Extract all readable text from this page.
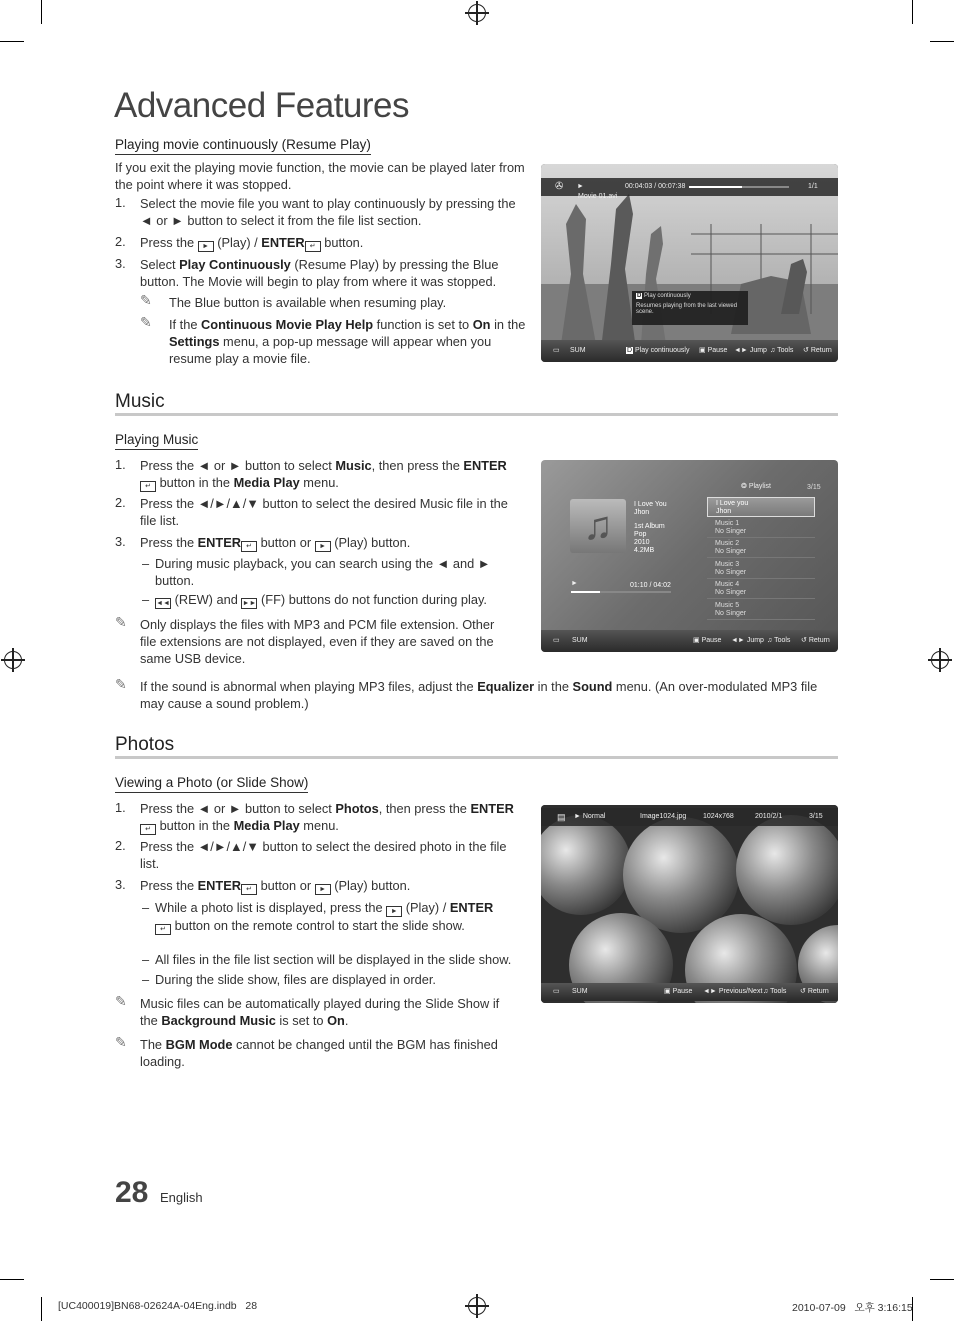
Advanced Features
Playing movie continuously (Resume Play)
If you exit the playing movie function, the movie can be played later from the point where it was stopped.
1. Select the movie file you want to play continuously by pressing the ◄ or ► button to select it from the file list section.
2. Press the ► (Play) / ENTER ↵ button.
3. Select Play Continuously (Resume Play) by pressing the Blue button. The Movie will begin to play from where it was stopped.
✎ The Blue button is available when resuming play.
✎ If the Continuous Movie Play Help function is set to On in the Settings menu, a pop-up message will appear when you resume play a movie file.
✇ ►	00:04:03 / 00:07:38	1/1
Movie 01.avi
D Play continuously
Resumes playing from the last viewed scene.
▭ SUM	D Play continuously ▣ Pause ◄► Jump ♫ Tools ↺ Return
Music
Playing Music
1. Press the ◄ or ► button to select Music, then press the ENTER↵ button in the Media Play menu.
2. Press the ◄/►/▲/▼ button to select the desired Music file in the file list.
3. Press the ENTER ↵ button or ► (Play) button.
– During music playback, you can search using the ◄ and ► button.
– ◄◄ (REW) and ►► (FF) buttons do not function during play.
✎ Only displays the files with MP3 and PCM file extension. Other file extensions are not displayed, even if they are saved on the same USB device.
✎ If the sound is abnormal when playing MP3 files, adjust the Equalizer in the Sound menu. (An over-modulated MP3 file may cause a sound problem.)
♫	I Love You
Jhon
1st Album
Pop
2010
4.2MB
❂ Playlist	3/15
I Love you
Jhon
Music 1
No Singer
Music 2
No Singer
Music 3
No Singer
Music 4
No Singer
Music 5
No Singer
►	01:10 / 04:02
▭ SUM	▣ Pause ◄► Jump ♫ Tools ↺ Return
Photos
Viewing a Photo (or Slide Show)
1. Press the ◄ or ► button to select Photos, then press the ENTER↵ button in the Media Play menu.
2. Press the ◄/►/▲/▼ button to select the desired photo in the file list.
3. Press the ENTER ↵ button or ► (Play) button.
– While a photo list is displayed, press the ► (Play) / ENTER↵ button on the remote control to start the slide show.
– All files in the file list section will be displayed in the slide show.
– During the slide show, files are displayed in order.
✎ Music files can be automatically played during the Slide Show if the Background Music is set to On.
✎ The BGM Mode cannot be changed until the BGM has finished loading.
▤ ► Normal	Image1024.jpg 1024x768	2010/2/1	3/15
▭ SUM	▣ Pause ◄► Previous/Next ♫ Tools ↺ Return
28 English
[UC400019]BN68-02624A-04Eng.indb   28	2010-07-09   오후 3:16:15
